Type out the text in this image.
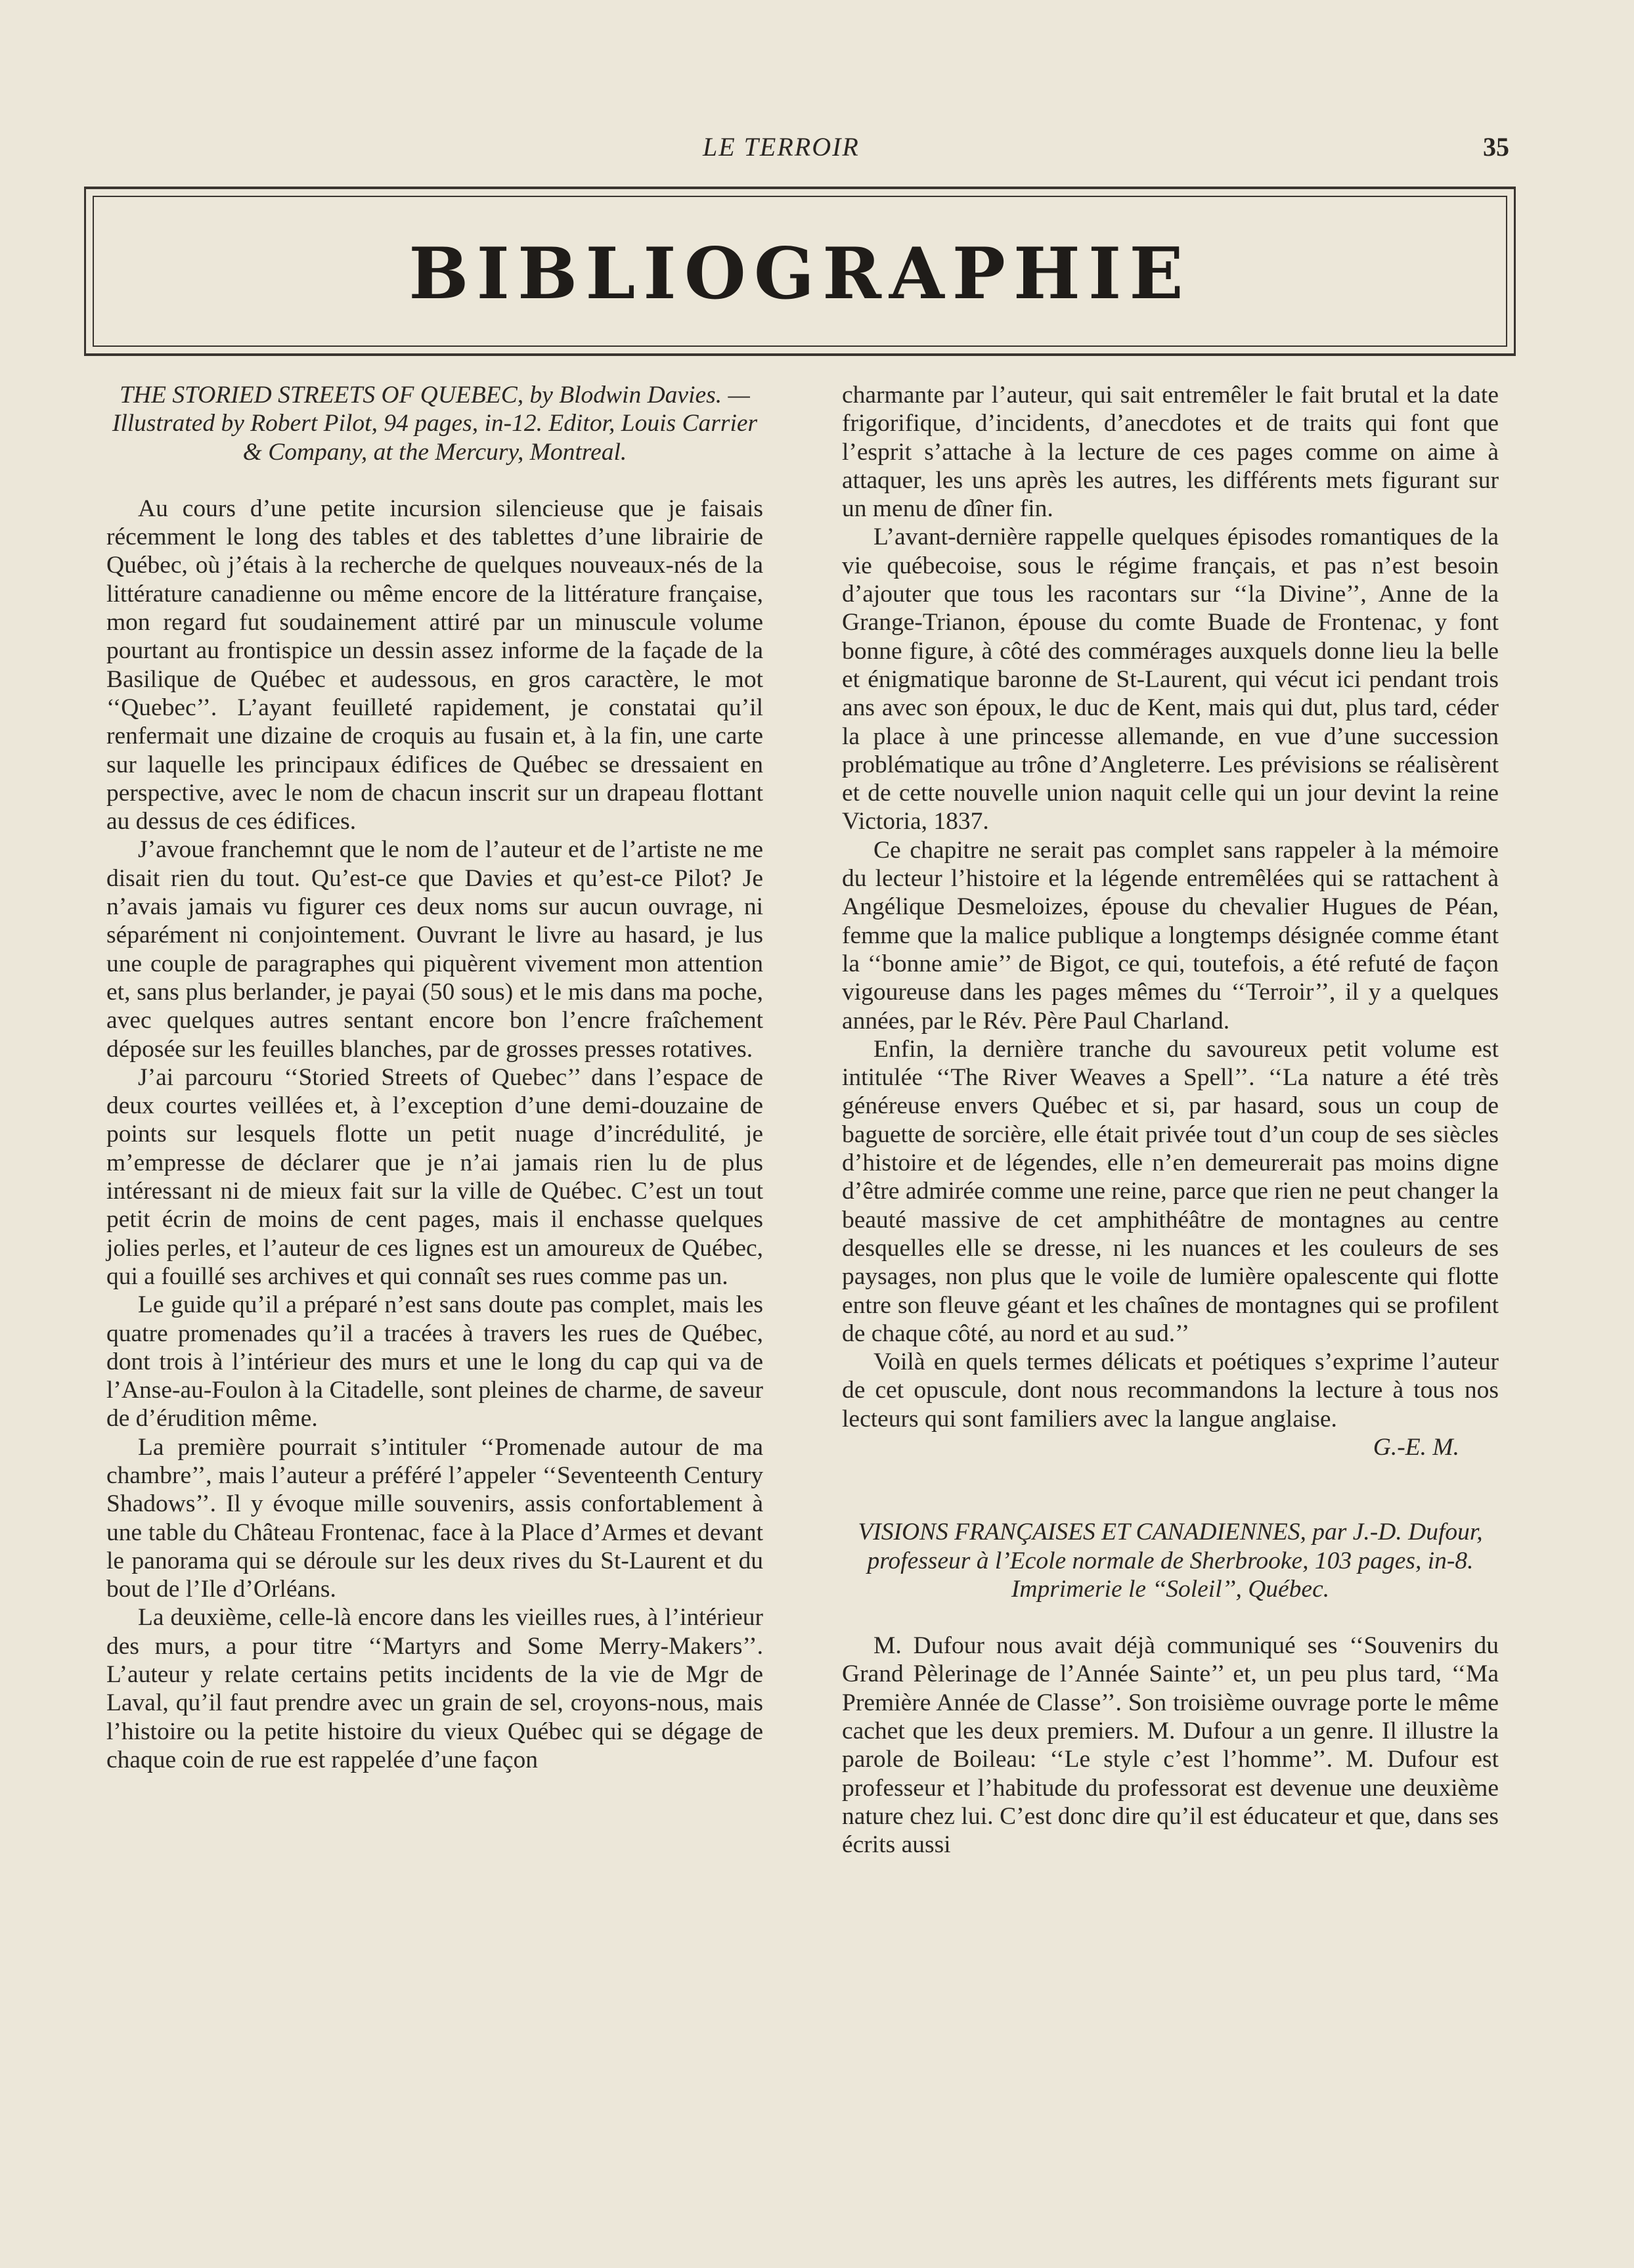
LE TERROIR	35
BIBLIOGRAPHIE

THE STORIED STREETS OF QUEBEC, by Blodwin Davies. — Illustrated by Robert Pilot, 94 pages, in-12. Editor, Louis Carrier & Company, at the Mercury, Montreal.

Au cours d’une petite incursion silencieuse que je faisais récemment le long des tables et des tablettes d’une librairie de Québec, où j’étais à la recherche de quelques nouveaux-nés de la littérature canadienne ou même encore de la littérature française, mon regard fut soudainement attiré par un minuscule volume pourtant au frontispice un dessin assez informe de la façade de la Basilique de Québec et audessous, en gros caractère, le mot ‘‘Quebec’’. L’ayant feuilleté rapidement, je constatai qu’il renfermait une dizaine de croquis au fusain et, à la fin, une carte sur laquelle les principaux édifices de Québec se dressaient en perspective, avec le nom de chacun inscrit sur un drapeau flottant au dessus de ces édifices.

J’avoue franchemnt que le nom de l’auteur et de l’artiste ne me disait rien du tout. Qu’est-ce que Davies et qu’est-ce Pilot? Je n’avais jamais vu figurer ces deux noms sur aucun ouvrage, ni séparément ni conjointement. Ouvrant le livre au hasard, je lus une couple de paragraphes qui piquèrent vivement mon attention et, sans plus berlander, je payai (50 sous) et le mis dans ma poche, avec quelques autres sentant encore bon l’encre fraîchement déposée sur les feuilles blanches, par de grosses presses rotatives.

J’ai parcouru ‘‘Storied Streets of Quebec’’ dans l’espace de deux courtes veillées et, à l’exception d’une demi-douzaine de points sur lesquels flotte un petit nuage d’incrédulité, je m’empresse de déclarer que je n’ai jamais rien lu de plus intéressant ni de mieux fait sur la ville de Québec. C’est un tout petit écrin de moins de cent pages, mais il enchasse quelques jolies perles, et l’auteur de ces lignes est un amoureux de Québec, qui a fouillé ses archives et qui connaît ses rues comme pas un.

Le guide qu’il a préparé n’est sans doute pas complet, mais les quatre promenades qu’il a tracées à travers les rues de Québec, dont trois à l’intérieur des murs et une le long du cap qui va de l’Anse-au-Foulon à la Citadelle, sont pleines de charme, de saveur de d’érudition même.

La première pourrait s’intituler ‘‘Promenade autour de ma chambre’’, mais l’auteur a préféré l’appeler ‘‘Seventeenth Century Shadows’’. Il y évoque mille souvenirs, assis confortablement à une table du Château Frontenac, face à la Place d’Armes et devant le panorama qui se déroule sur les deux rives du St-Laurent et du bout de l’Ile d’Orléans.

La deuxième, celle-là encore dans les vieilles rues, à l’intérieur des murs, a pour titre ‘‘Martyrs and Some Merry-Makers’’. L’auteur y relate certains petits incidents de la vie de Mgr de Laval, qu’il faut prendre avec un grain de sel, croyons-nous, mais l’histoire ou la petite histoire du vieux Québec qui se dégage de chaque coin de rue est rappelée d’une façon

charmante par l’auteur, qui sait entremêler le fait brutal et la date frigorifique, d’incidents, d’anecdotes et de traits qui font que l’esprit s’attache à la lecture de ces pages comme on aime à attaquer, les uns après les autres, les différents mets figurant sur un menu de dîner fin.

L’avant-dernière rappelle quelques épisodes romantiques de la vie québecoise, sous le régime français, et pas n’est besoin d’ajouter que tous les racontars sur ‘‘la Divine’’, Anne de la Grange-Trianon, épouse du comte Buade de Frontenac, y font bonne figure, à côté des commérages auxquels donne lieu la belle et énigmatique baronne de St-Laurent, qui vécut ici pendant trois ans avec son époux, le duc de Kent, mais qui dut, plus tard, céder la place à une princesse allemande, en vue d’une succession problématique au trône d’Angleterre. Les prévisions se réalisèrent et de cette nouvelle union naquit celle qui un jour devint la reine Victoria, 1837.

Ce chapitre ne serait pas complet sans rappeler à la mémoire du lecteur l’histoire et la légende entremêlées qui se rattachent à Angélique Desmeloizes, épouse du chevalier Hugues de Péan, femme que la malice publique a longtemps désignée comme étant la ‘‘bonne amie’’ de Bigot, ce qui, toutefois, a été refuté de façon vigoureuse dans les pages mêmes du ‘‘Terroir’’, il y a quelques années, par le Rév. Père Paul Charland.

Enfin, la dernière tranche du savoureux petit volume est intitulée ‘‘The River Weaves a Spell’’. ‘‘La nature a été très généreuse envers Québec et si, par hasard, sous un coup de baguette de sorcière, elle était privée tout d’un coup de ses siècles d’histoire et de légendes, elle n’en demeurerait pas moins digne d’être admirée comme une reine, parce que rien ne peut changer la beauté massive de cet amphithéâtre de montagnes au centre desquelles elle se dresse, ni les nuances et les couleurs de ses paysages, non plus que le voile de lumière opalescente qui flotte entre son fleuve géant et les chaînes de montagnes qui se profilent de chaque côté, au nord et au sud.’’

Voilà en quels termes délicats et poétiques s’exprime l’auteur de cet opuscule, dont nous recommandons la lecture à tous nos lecteurs qui sont familiers avec la langue anglaise.

G.-E. M.

VISIONS FRANÇAISES ET CANADIENNES, par J.-D. Dufour, professeur à l’Ecole normale de Sherbrooke, 103 pages, in-8. Imprimerie le ‘‘Soleil’’, Québec.

M. Dufour nous avait déjà communiqué ses ‘‘Souvenirs du Grand Pèlerinage de l’Année Sainte’’ et, un peu plus tard, ‘‘Ma Première Année de Classe’’. Son troisième ouvrage porte le même cachet que les deux premiers. M. Dufour a un genre. Il illustre la parole de Boileau: ‘‘Le style c’est l’homme’’. M. Dufour est professeur et l’habitude du professorat est devenue une deuxième nature chez lui. C’est donc dire qu’il est éducateur et que, dans ses écrits aussi
